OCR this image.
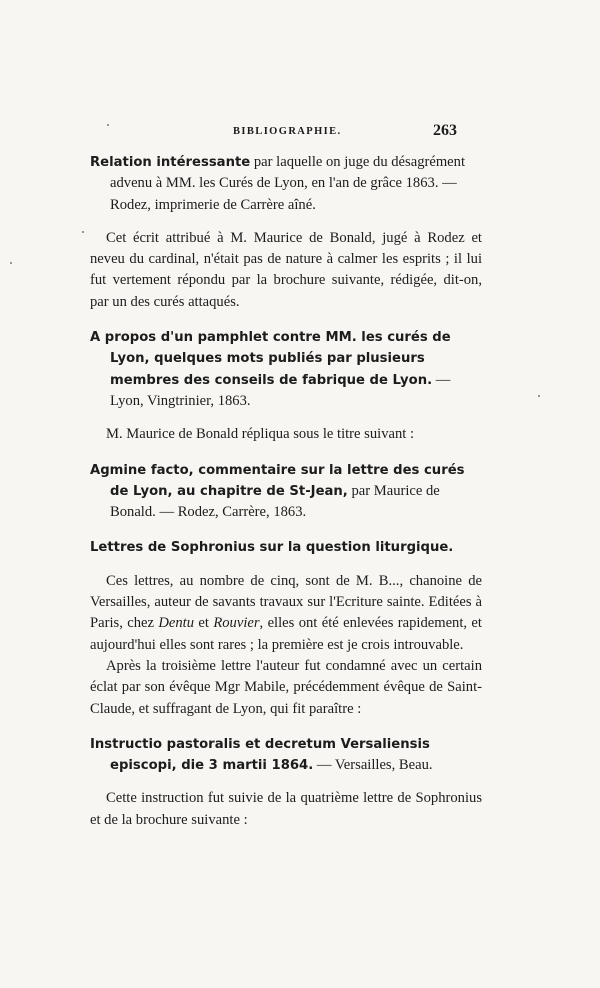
BIBLIOGRAPHIE.	263

Relation intéressante par laquelle on juge du désagrément advenu à MM. les Curés de Lyon, en l'an de grâce 1863. — Rodez, imprimerie de Carrère aîné.

Cet écrit attribué à M. Maurice de Bonald, jugé à Rodez et neveu du cardinal, n'était pas de nature à calmer les esprits ; il lui fut vertement répondu par la brochure suivante, rédigée, dit-on, par un des curés attaqués.

A propos d'un pamphlet contre MM. les curés de Lyon, quelques mots publiés par plusieurs membres des conseils de fabrique de Lyon. — Lyon, Vingtrinier, 1863.

M. Maurice de Bonald répliqua sous le titre suivant :

Agmine facto, commentaire sur la lettre des curés de Lyon, au chapitre de St-Jean, par Maurice de Bonald. — Rodez, Carrère, 1863.

Lettres de Sophronius sur la question liturgique.

Ces lettres, au nombre de cinq, sont de M. B..., chanoine de Versailles, auteur de savants travaux sur l'Ecriture sainte. Editées à Paris, chez Dentu et Rouvier, elles ont été enlevées rapidement, et aujourd'hui elles sont rares ; la première est je crois introuvable.

Après la troisième lettre l'auteur fut condamné avec un certain éclat par son évêque Mgr Mabile, précédemment évêque de Saint-Claude, et suffragant de Lyon, qui fit paraître :

Instructio pastoralis et decretum Versaliensis episcopi, die 3 martii 1864. — Versailles, Beau.

Cette instruction fut suivie de la quatrième lettre de Sophronius et de la brochure suivante :
